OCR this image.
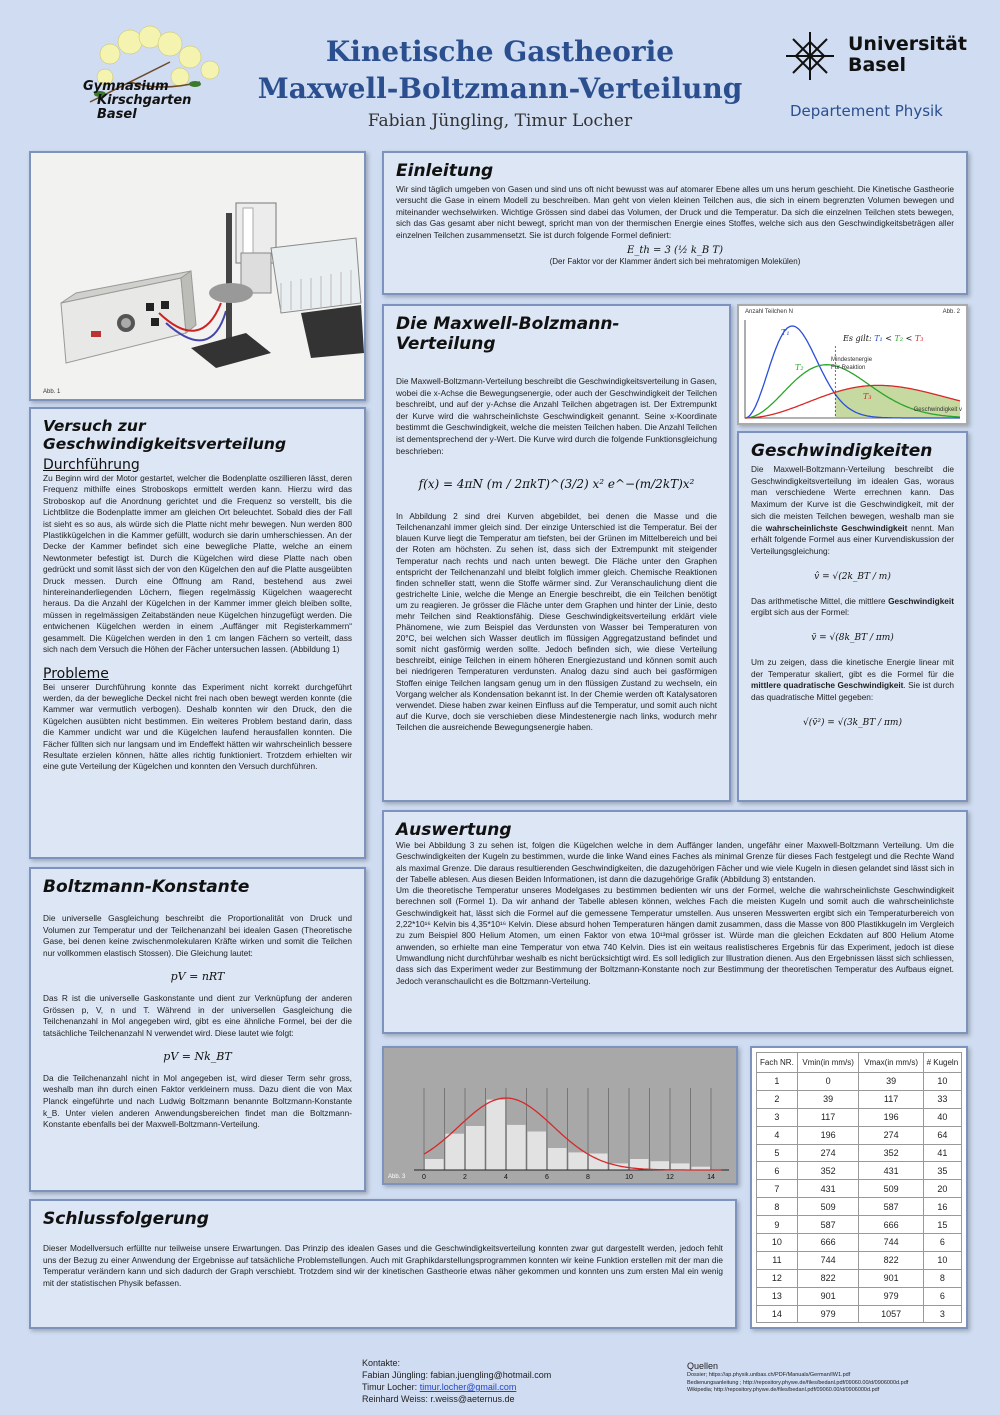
Gymnasium
Kirschgarten Basel
Kinetische Gastheorie
Maxwell-Boltzmann-Verteilung
Fabian Jüngling, Timur Locher
Universität
Basel
Departement Physik
Abb. 1
Einleitung
Wir sind täglich umgeben von Gasen und sind uns oft nicht bewusst was auf atomarer Ebene alles um uns herum geschieht. Die Kinetische Gastheorie versucht die Gase in einem Modell zu beschreiben. Man geht von vielen kleinen Teilchen aus, die sich in einem begrenzten Volumen bewegen und miteinander wechselwirken. Wichtige Grössen sind dabei das Volumen, der Druck und die Temperatur. Da sich die einzelnen Teilchen stets bewegen, sich das Gas gesamt aber nicht bewegt, spricht man von der thermischen Energie eines Stoffes, welche sich aus den Geschwindigkeitsbeträgen aller einzelnen Teilchen zusammensetzt. Sie ist durch folgende Formel definiert:
E_th = 3 (½ k_B T)
(Der Faktor vor der Klammer ändert sich bei mehratomigen Molekülen)
Die Maxwell-Bolzmann-Verteilung
Die Maxwell-Boltzmann-Verteilung beschreibt die Geschwindigkeitsverteilung in Gasen, wobei die x-Achse die Bewegungsenergie, oder auch der Geschwindigkeit der Teilchen beschreibt, und auf der y-Achse die Anzahl Teilchen abgetragen ist. Der Extrempunkt der Kurve wird die wahrscheinlichste Geschwindigkeit genannt. Seine x-Koordinate bestimmt die Geschwindigkeit, welche die meisten Teilchen haben. Die Anzahl Teilchen ist dementsprechend der y-Wert. Die Kurve wird durch die folgende Funktionsgleichung beschrieben:
f(x) = 4πN (m / 2πkT)^(3/2) x² e^−(m/2kT)x²
In Abbildung 2 sind drei Kurven abgebildet, bei denen die Masse und die Teilchenanzahl immer gleich sind. Der einzige Unterschied ist die Temperatur. Bei der blauen Kurve liegt die Temperatur am tiefsten, bei der Grünen im Mittelbereich und bei der Roten am höchsten. Zu sehen ist, dass sich der Extrempunkt mit steigender Temperatur nach rechts und nach unten bewegt. Die Fläche unter den Graphen entspricht der Teilchenanzahl und bleibt folglich immer gleich. Chemische Reaktionen finden schneller statt, wenn die Stoffe wärmer sind. Zur Veranschaulichung dient die gestrichelte Linie, welche die Menge an Energie beschreibt, die ein Teilchen benötigt um zu reagieren. Je grösser die Fläche unter dem Graphen und hinter der Linie, desto mehr Teilchen sind Reaktionsfähig. Diese Geschwindigkeitsverteilung erklärt viele Phänomene, wie zum Beispiel das Verdunsten von Wasser bei Temperaturen von 20°C, bei welchen sich Wasser deutlich im flüssigen Aggregatzustand befindet und somit nicht gasförmig werden sollte. Jedoch befinden sich, wie diese Verteilung beschreibt, einige Teilchen in einem höheren Energiezustand und können somit auch bei niedrigeren Temperaturen verdunsten. Analog dazu sind auch bei gasförmigen Stoffen einige Teilchen langsam genug um in den flüssigen Zustand zu wechseln, ein Vorgang welcher als Kondensation bekannt ist. In der Chemie werden oft Katalysatoren verwendet. Diese haben zwar keinen Einfluss auf die Temperatur, und somit auch nicht auf die Kurve, doch sie verschieben diese Mindestenergie nach links, wodurch mehr Teilchen die ausreichende Bewegungsenergie haben.
Anzahl Teilchen N	Abb. 2
Es gilt: T₁ < T₂ < T₃
Mindestenergie
Für Reaktion
T₁
T₂
T₃
Geschwindigkeit v
Geschwindigkeiten
Die Maxwell-Boltzmann-Verteilung beschreibt die Geschwindigkeitsverteilung im idealen Gas, woraus man verschiedene Werte errechnen kann. Das Maximum der Kurve ist die Geschwindigkeit, mit der sich die meisten Teilchen bewegen, weshalb man sie die wahrscheinlichste Geschwindigkeit nennt. Man erhält folgende Formel aus einer Kurvendiskussion der Verteilungsgleichung:
v̂ = √(2k_BT / m)
Das arithmetische Mittel, die mittlere Geschwindigkeit ergibt sich aus der Formel:
v̄ = √(8k_BT / πm)
Um zu zeigen, dass die kinetische Energie linear mit der Temperatur skaliert, gibt es die Formel für die mittlere quadratische Geschwindigkeit. Sie ist durch das quadratische Mittel gegeben:
√(v̄²) = √(3k_BT / πm)
Versuch zur Geschwindigkeitsverteilung
Durchführung
Zu Beginn wird der Motor gestartet, welcher die Bodenplatte oszillieren lässt, deren Frequenz mithilfe eines Stroboskops ermittelt werden kann. Hierzu wird das Stroboskop auf die Anordnung gerichtet und die Frequenz so verstellt, bis die Lichtblitze die Bodenplatte immer am gleichen Ort beleuchtet. Sobald dies der Fall ist sieht es so aus, als würde sich die Platte nicht mehr bewegen. Nun werden 800 Plastikkügelchen in die Kammer gefüllt, wodurch sie darin umherschiessen. An der Decke der Kammer befindet sich eine bewegliche Platte, welche an einem Newtonmeter befestigt ist. Durch die Kügelchen wird diese Platte nach oben gedrückt und somit lässt sich der von den Kügelchen den auf die Platte ausgeübten Druck messen. Durch eine Öffnung am Rand, bestehend aus zwei hintereinanderliegenden Löchern, fliegen regelmässig Kügelchen waagerecht heraus. Da die Anzahl der Kügelchen in der Kammer immer gleich bleiben sollte, müssen in regelmässigen Zeitabständen neue Kügelchen hinzugefügt werden. Die entwichenen Kügelchen werden in einem „Auffänger mit Registerkammern“ gesammelt. Die Kügelchen werden in den 1 cm langen Fächern so verteilt, dass sich nach dem Versuch die Höhen der Fächer untersuchen lassen. (Abbildung 1)
Probleme
Bei unserer Durchführung konnte das Experiment nicht korrekt durchgeführt werden, da der bewegliche Deckel nicht frei nach oben bewegt werden konnte (die Kammer war vermutlich verbogen). Deshalb konnten wir den Druck, den die Kügelchen ausübten nicht bestimmen. Ein weiteres Problem bestand darin, dass die Kammer undicht war und die Kügelchen laufend herausfallen konnten. Die Fächer füllten sich nur langsam und im Endeffekt hätten wir wahrscheinlich bessere Resultate erzielen können, hätte alles richtig funktioniert. Trotzdem erhielten wir eine gute Verteilung der Kügelchen und konnten den Versuch durchführen.
Auswertung
Wie bei Abbildung 3 zu sehen ist, folgen die Kügelchen welche in dem Auffänger landen, ungefähr einer Maxwell-Boltzmann Verteilung. Um die Geschwindigkeiten der Kugeln zu bestimmen, wurde die linke Wand eines Faches als minimal Grenze für dieses Fach festgelegt und die Rechte Wand als maximal Grenze. Die daraus resultierenden Geschwindigkeiten, die dazugehörigen Fächer und wie viele Kugeln in diesen gelandet sind lässt sich in der Tabelle ablesen. Aus diesen Beiden Informationen, ist dann die dazugehörige Grafik (Abbildung 3) entstanden.
Um die theoretische Temperatur unseres Modelgases zu bestimmen bedienten wir uns der Formel, welche die wahrscheinlichste Geschwindigkeit berechnen soll (Formel 1). Da wir anhand der Tabelle ablesen können, welches Fach die meisten Kugeln und somit auch die wahrscheinlichste Geschwindigkeit hat, lässt sich die Formel auf die gemessene Temperatur umstellen. Aus unseren Messwerten ergibt sich ein Temperaturbereich von 2,22*10¹⁶ Kelvin bis 4,35*10¹⁶ Kelvin. Diese absurd hohen Temperaturen hängen damit zusammen, dass die Masse von 800 Plastikkugeln im Vergleich zu zum Beispiel 800 Helium Atomen, um einen Faktor von etwa 10¹³mal grösser ist. Würde man die gleichen Eckdaten auf 800 Helium Atome anwenden, so erhielte man eine Temperatur von etwa 740 Kelvin. Dies ist ein weitaus realistischeres Ergebnis für das Experiment, jedoch ist diese Umwandlung nicht durchführbar weshalb es nicht berücksichtigt wird. Es soll lediglich zur Illustration dienen. Aus den Ergebnissen lässt sich schliessen, dass sich das Experiment weder zur Bestimmung der Boltzmann-Konstante noch zur Bestimmung der theoretischen Temperatur des Aufbaus eignet. Jedoch veranschaulicht es die Boltzmann-Verteilung.
Boltzmann-Konstante
Die universelle Gasgleichung beschreibt die Proportionalität von Druck und Volumen zur Temperatur und der Teilchenanzahl bei idealen Gasen (Theoretische Gase, bei denen keine zwischenmolekularen Kräfte wirken und somit die Teilchen nur vollkommen elastisch Stossen). Die Gleichung lautet:
pV = nRT
Das R ist die universelle Gaskonstante und dient zur Verknüpfung der anderen Grössen p, V, n und T. Während in der universellen Gasgleichung die Teilchenanzahl in Mol angegeben wird, gibt es eine ähnliche Formel, bei der die tatsächliche Teilchenanzahl N verwendet wird. Diese lautet wie folgt:
pV = Nk_BT
Da die Teilchenanzahl nicht in Mol angegeben ist, wird dieser Term sehr gross, weshalb man ihn durch einen Faktor verkleinern muss. Dazu dient die von Max Planck eingeführte und nach Ludwig Boltzmann benannte Boltzmann-Konstante k_B. Unter vielen anderen Anwendungsbereichen findet man die Boltzmann-Konstante ebenfalls bei der Maxwell-Boltzmann-Verteilung.
0	2	4	6	8	10	12	14
Abb. 3
Fach NR.	Vmin(in mm/s)	Vmax(in mm/s)	# Kugeln
1	0	39	10
2	39	117	33
3	117	196	40
4	196	274	64
5	274	352	41
6	352	431	35
7	431	509	20
8	509	587	16
9	587	666	15
10	666	744	6
11	744	822	10
12	822	901	8
13	901	979	6
14	979	1057	3
Schlussfolgerung
Dieser Modellversuch erfüllte nur teilweise unsere Erwartungen. Das Prinzip des idealen Gases und die Geschwindigkeitsverteilung konnten zwar gut dargestellt werden, jedoch fehlt uns der Bezug zu einer Anwendung der Ergebnisse auf tatsächliche Problemstellungen. Auch mit Graphikdarstellungsprogrammen konnten wir keine Funktion erstellen mit der man die Temperatur verändern kann und sich dadurch der Graph verschiebt. Trotzdem sind wir der kinetischen Gastheorie etwas näher gekommen und konnten uns zum ersten Mal ein wenig mit der statistischen Physik befassen.
Kontakte:
Fabian Jüngling: fabian.juengling@hotmail.com
Timur Locher: timur.locher@gmail.com
Reinhard Weiss: r.weiss@aeternus.de
Quellen
Dossier; https://ap.physik.unibas.ch/PDF/Manuals/German/IW1.pdf
Bedienungsanleitung ; http://repository.phywe.de/files/bedanl.pdf/09060.00/d/0906000d.pdf
Wikipedia; http://repository.phywe.de/files/bedanl.pdf/09060.00/d/0906000d.pdf
